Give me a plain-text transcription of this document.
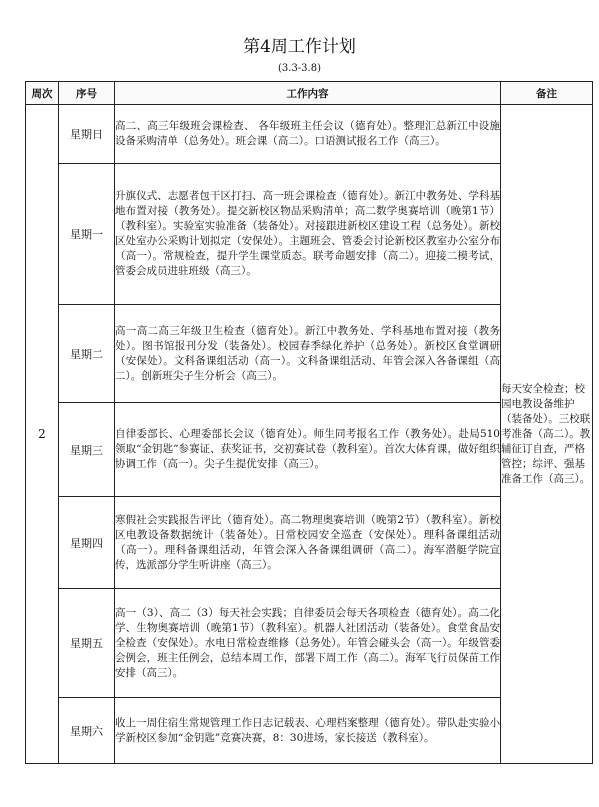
第4周工作计划
(3.3-3.8)
周次	序号	工作内容	备注
2	星期日	高二、高三年级班会课检查、 各年级班主任会议（德育处）。整理汇总新江中设施设备采购清单（总务处）。班会课（高二）。口语测试报名工作（高三）。	每天安全检查；校园电教设备维护（装备处）。三校联考准备（高二）。教辅征订自查，严格管控；综评、强基准备工作（高三）。
	星期一	升旗仪式、志愿者包干区打扫、高一班会课检查（德育处）。新江中教务处、学科基地布置对接（教务处）。提交新校区物品采购清单；高二数学奥赛培训（晚第1节）（教科室）。实验室实验准备（装备处）。对接跟进新校区建设工程（总务处）。新校区处室办公采购计划拟定（安保处）。主题班会、管委会讨论新校区教室办公室分布（高一）。常规检查，提升学生课堂质态。联考命题安排（高二）。迎接二模考试，管委会成员进驻班级（高三）。	
	星期二	高一高二高三年级卫生检查（德育处）。新江中教务处、学科基地布置对接（教务处）。图书馆报刊分发（装备处）。校园春季绿化养护（总务处）。新校区食堂调研（安保处）。文科备课组活动（高一）。文科备课组活动、年管会深入各备课组（高二）。创新班尖子生分析会（高三）。	
	星期三	自律委部长、心理委部长会议（德育处）。师生同考报名工作（教务处）。赴局510领取“金钥匙”参赛证、获奖证书，交初赛试卷（教科室）。首次大体育课，做好组织协调工作（高一）。尖子生提优安排（高三）。	
	星期四	寒假社会实践报告评比（德育处）。高二物理奥赛培训（晚第2节）（教科室）。新校区电教设备数据统计（装备处）。日常校园安全巡查（安保处）。理科备课组活动（高一）。理科备课组活动，年管会深入各备课组调研（高二）。海军潜艇学院宣传，选派部分学生听讲座（高三）。	
	星期五	高一（3）、高二（3）每天社会实践；自律委员会每天各项检查（德育处）。高二化学、生物奥赛培训（晚第1节）（教科室）。机器人社团活动（装备处）。食堂食品安全检查（安保处）。水电日常检查维修（总务处）。年管会碰头会（高一）。年级管委会例会，班主任例会，总结本周工作，部署下周工作（高二）。海军飞行员保苗工作安排（高三）。	
	星期六	收上一周住宿生常规管理工作日志记载表、心理档案整理（德育处）。带队赴实验小学新校区参加“金钥匙”竞赛决赛，8：30进场，家长接送（教科室）。	
